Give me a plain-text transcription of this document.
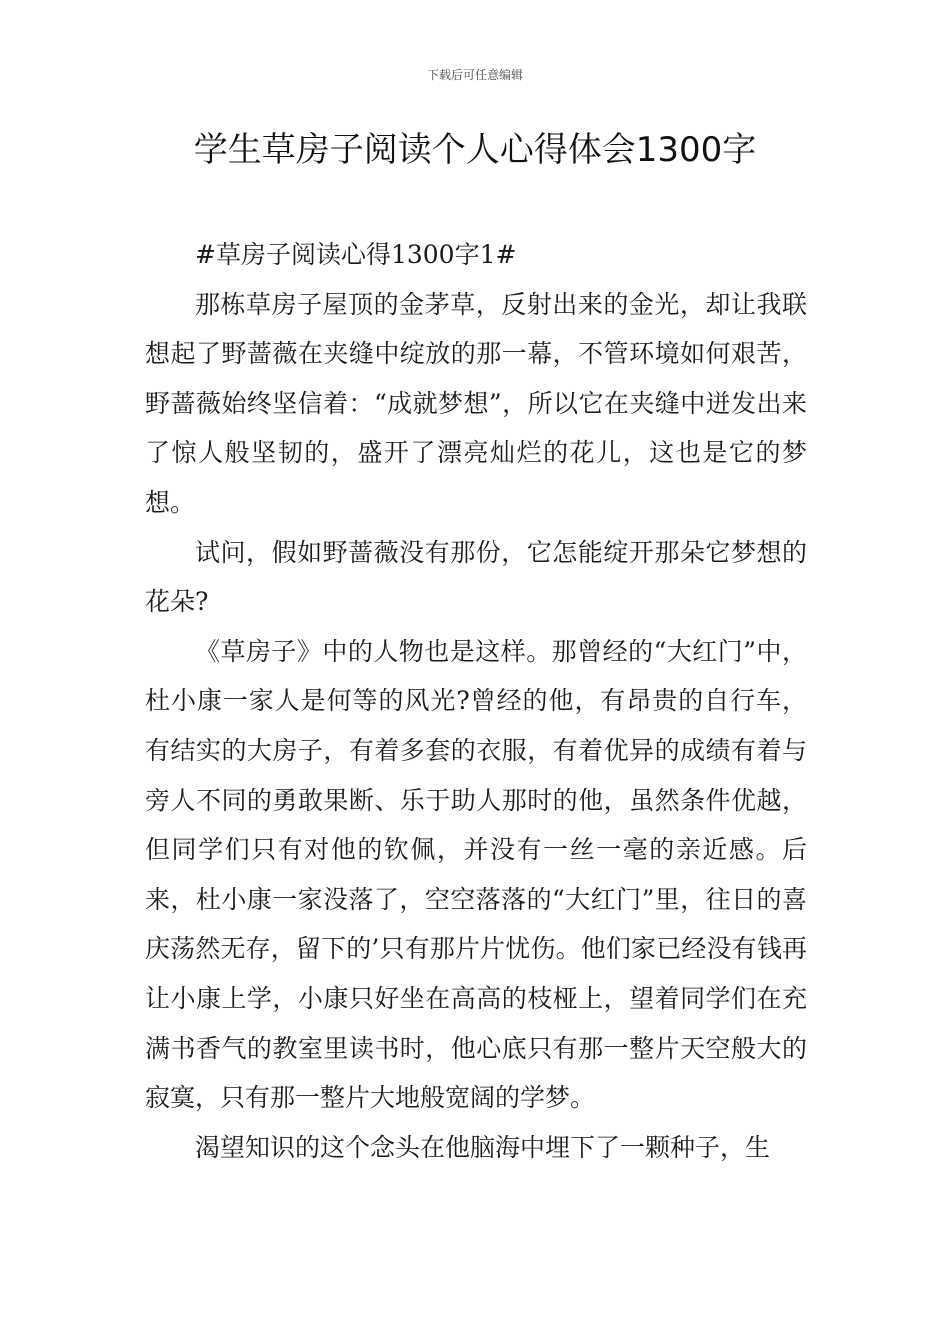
下载后可任意编辑
学生草房子阅读个人心得体会1300字

#草房子阅读心得1300字1#

那栋草房子屋顶的金茅草，反射出来的金光，却让我联想起了野蔷薇在夹缝中绽放的那一幕，不管环境如何艰苦，野蔷薇始终坚信着：“成就梦想”，所以它在夹缝中迸发出来了惊人般坚韧的，盛开了漂亮灿烂的花儿，这也是它的梦想。

试问，假如野蔷薇没有那份，它怎能绽开那朵它梦想的花朵?

《草房子》中的人物也是这样。那曾经的“大红门”中，杜小康一家人是何等的风光?曾经的他，有昂贵的自行车，有结实的大房子，有着多套的衣服，有着优异的成绩有着与旁人不同的勇敢果断、乐于助人那时的他，虽然条件优越，但同学们只有对他的钦佩，并没有一丝一毫的亲近感。后来，杜小康一家没落了，空空落落的“大红门”里，往日的喜庆荡然无存，留下的’只有那片片忧伤。他们家已经没有钱再让小康上学，小康只好坐在高高的枝桠上，望着同学们在充满书香气的教室里读书时，他心底只有那一整片天空般大的寂寞，只有那一整片大地般宽阔的学梦。

渴望知识的这个念头在他脑海中埋下了一颗种子，生
